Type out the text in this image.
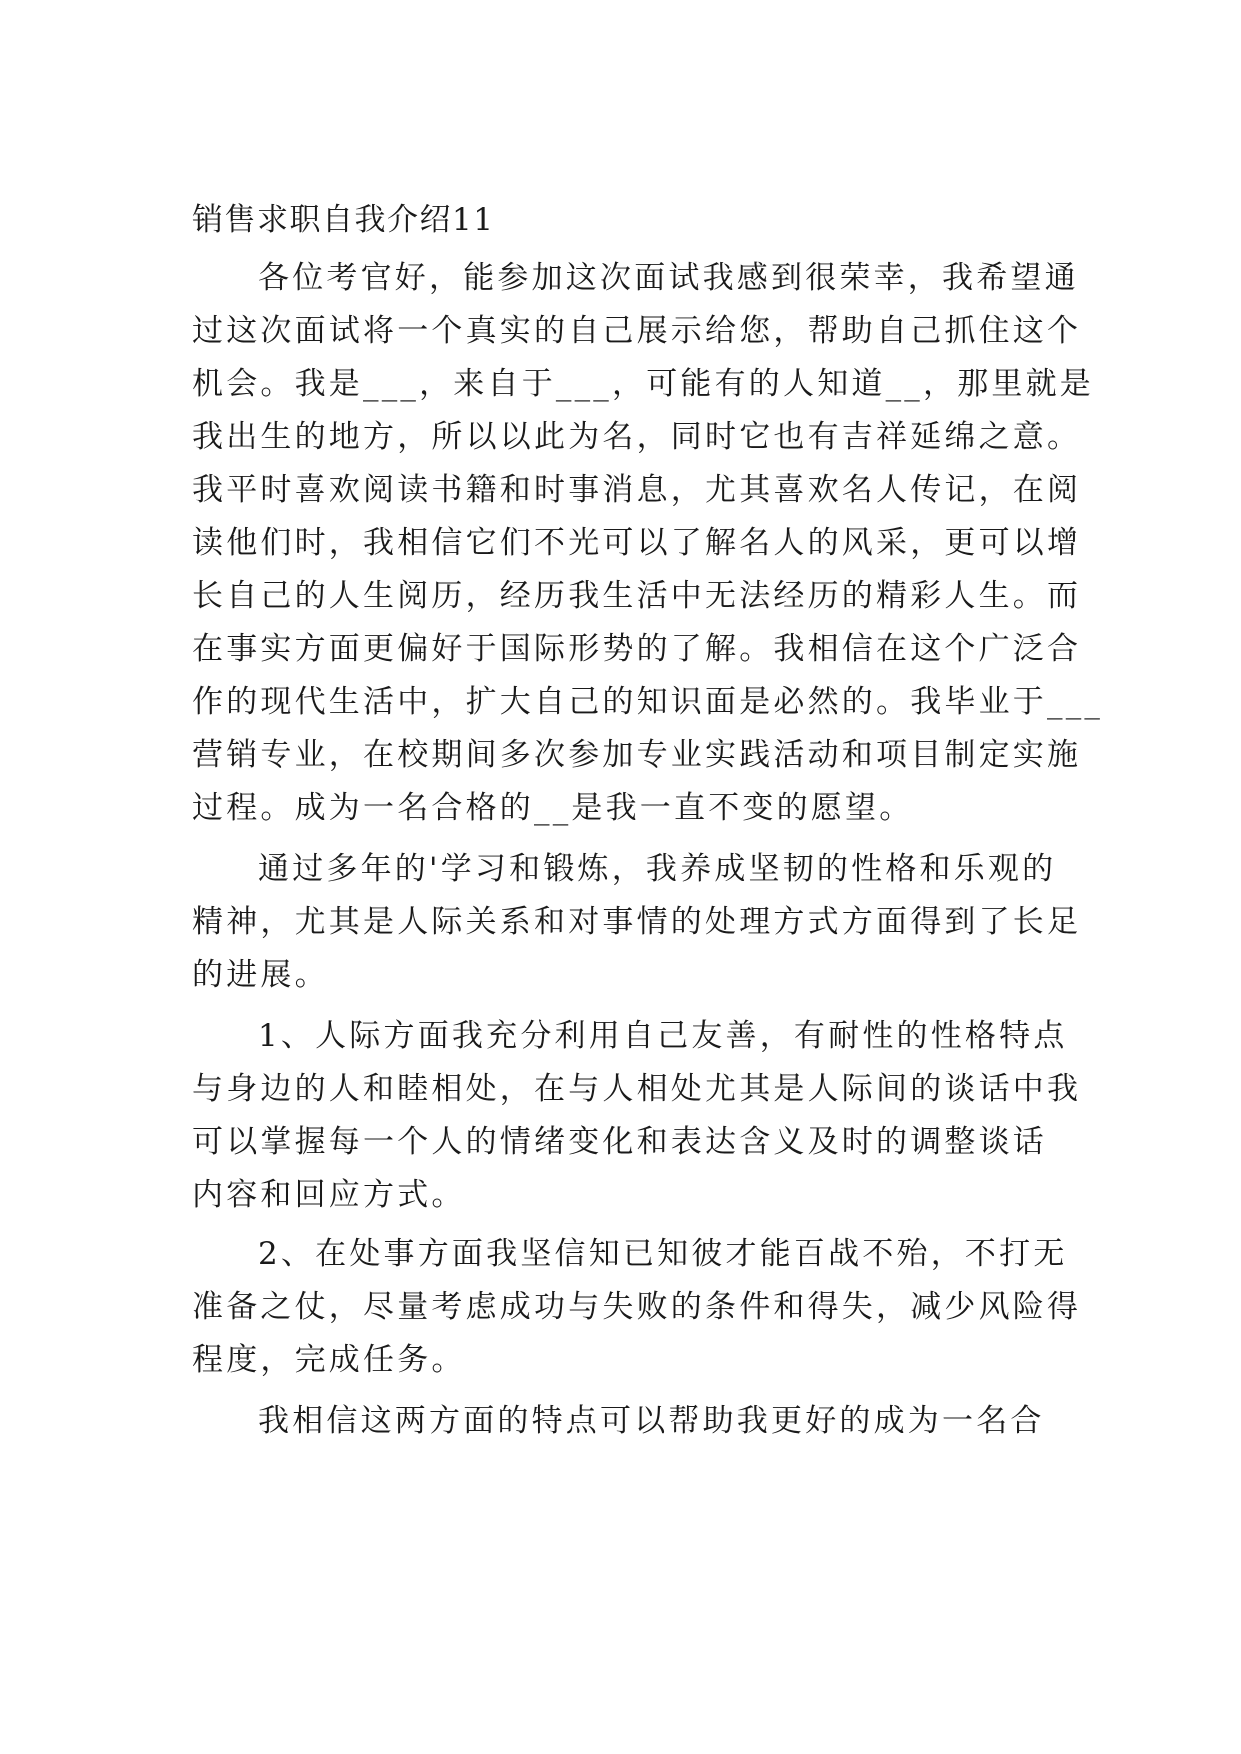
销售求职自我介绍11
各位考官好，能参加这次面试我感到很荣幸，我希望通
过这次面试将一个真实的自己展示给您，帮助自己抓住这个
机会。我是___，来自于___，可能有的人知道__，那里就是
我出生的地方，所以以此为名，同时它也有吉祥延绵之意。
我平时喜欢阅读书籍和时事消息，尤其喜欢名人传记，在阅
读他们时，我相信它们不光可以了解名人的风采，更可以增
长自己的人生阅历，经历我生活中无法经历的精彩人生。而
在事实方面更偏好于国际形势的了解。我相信在这个广泛合
作的现代生活中，扩大自己的知识面是必然的。我毕业于___
营销专业，在校期间多次参加专业实践活动和项目制定实施
过程。成为一名合格的__是我一直不变的愿望。
通过多年的'学习和锻炼，我养成坚韧的性格和乐观的
精神，尤其是人际关系和对事情的处理方式方面得到了长足
的进展。
1、人际方面我充分利用自己友善，有耐性的性格特点
与身边的人和睦相处，在与人相处尤其是人际间的谈话中我
可以掌握每一个人的情绪变化和表达含义及时的调整谈话
内容和回应方式。
2、在处事方面我坚信知已知彼才能百战不殆，不打无
准备之仗，尽量考虑成功与失败的条件和得失，减少风险得
程度，完成任务。
我相信这两方面的特点可以帮助我更好的成为一名合
